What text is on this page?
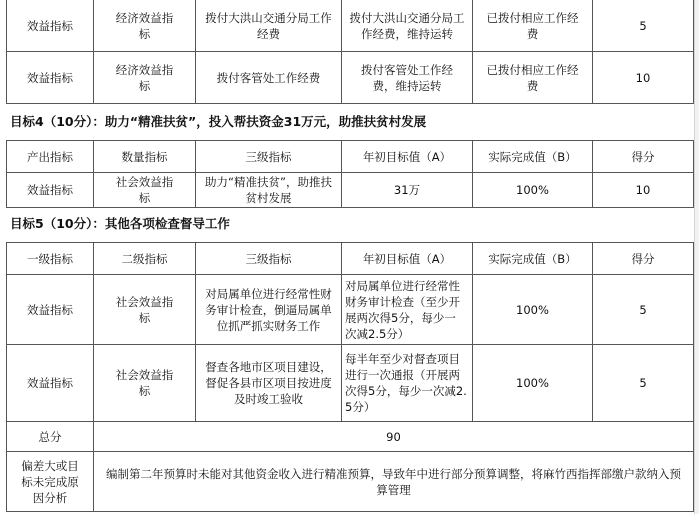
效益指标	经济效益指标	拨付大洪山交通分局工作经费	拨付大洪山交通分局工作经费，维持运转	已拨付相应工作经费	5
效益指标	经济效益指标	拨付客管处工作经费	拨付客管处工作经费，维持运转	已拨付相应工作经费	10
目标4（10分）：助力“精准扶贫”，投入帮扶资金31万元，助推扶贫村发展
产出指标	数量指标	三级指标	年初目标值（A）	实际完成值（B）	得分
效益指标	社会效益指标	助力“精准扶贫”，助推扶贫村发展	31万	100%	10
目标5（10分）：其他各项检查督导工作
一级指标	二级指标	三级指标	年初目标值（A）	实际完成值（B）	得分
效益指标	社会效益指标	对局属单位进行经常性财务审计检查，倒逼局属单位抓严抓实财务工作	对局属单位进行经常性财务审计检查（至少开展两次得5分，每少一次减2.5分）	100%	5
效益指标	社会效益指标	督查各地市区项目建设，督促各县市区项目按进度及时竣工验收	每半年至少对督查项目进行一次通报（开展两次得5分，每少一次减2.5分）	100%	5
总分	90				
偏差大或目标未完成原因分析	编制第二年预算时未能对其他资金收入进行精准预算，导致年中进行部分预算调整，将麻竹西指挥部缴户款纳入预算管理				
